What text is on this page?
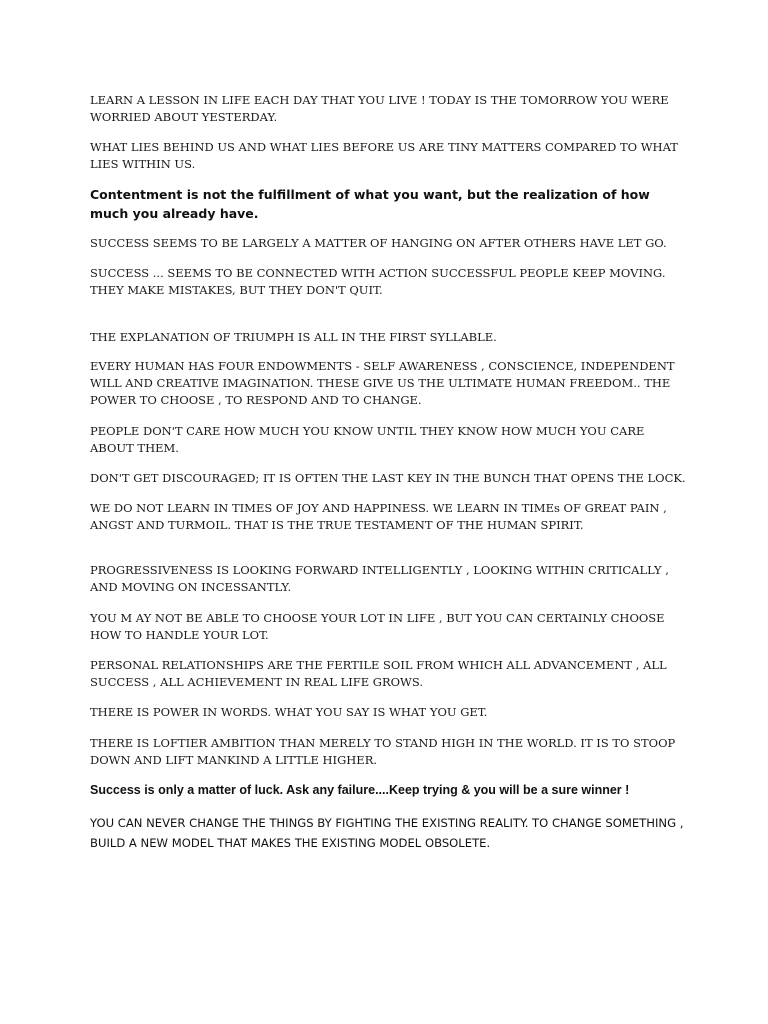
LEARN A LESSON IN LIFE EACH DAY THAT YOU LIVE ! TODAY IS THE TOMORROW YOU WERE WORRIED ABOUT YESTERDAY.

WHAT LIES BEHIND US AND WHAT LIES BEFORE US ARE TINY MATTERS COMPARED TO WHAT LIES WITHIN US.

Contentment is not the fulfillment of what you want, but the realization of how much you already have.

SUCCESS SEEMS TO BE LARGELY A MATTER OF HANGING ON AFTER OTHERS HAVE LET GO.

SUCCESS ... SEEMS TO BE CONNECTED WITH ACTION SUCCESSFUL PEOPLE KEEP MOVING. THEY MAKE MISTAKES, BUT THEY DON'T QUIT.

THE EXPLANATION OF TRIUMPH IS ALL IN THE FIRST SYLLABLE.

EVERY HUMAN HAS FOUR ENDOWMENTS - SELF AWARENESS , CONSCIENCE, INDEPENDENT WILL AND CREATIVE IMAGINATION. THESE GIVE US THE ULTIMATE HUMAN FREEDOM.. THE POWER TO CHOOSE , TO RESPOND AND TO CHANGE.

PEOPLE DON'T CARE HOW MUCH YOU KNOW UNTIL THEY KNOW HOW MUCH YOU CARE ABOUT THEM.

DON'T GET DISCOURAGED; IT IS OFTEN THE LAST KEY IN THE BUNCH THAT OPENS THE LOCK.

WE DO NOT LEARN IN TIMES OF JOY AND HAPPINESS. WE LEARN IN TIMEs OF GREAT PAIN , ANGST AND TURMOIL. THAT IS THE TRUE TESTAMENT OF THE HUMAN SPIRIT.

PROGRESSIVENESS IS LOOKING FORWARD INTELLIGENTLY , LOOKING WITHIN CRITICALLY , AND MOVING ON INCESSANTLY.

YOU M AY NOT BE ABLE TO CHOOSE YOUR LOT IN LIFE , BUT YOU CAN CERTAINLY CHOOSE HOW TO HANDLE YOUR LOT.

PERSONAL RELATIONSHIPS ARE THE FERTILE SOIL FROM WHICH ALL ADVANCEMENT , ALL SUCCESS , ALL ACHIEVEMENT IN REAL LIFE GROWS.

THERE IS POWER IN WORDS. WHAT YOU SAY IS WHAT YOU GET.

THERE IS LOFTIER AMBITION THAN MERELY TO STAND HIGH IN THE WORLD. IT IS TO STOOP DOWN AND LIFT MANKIND A LITTLE HIGHER.

Success is only a matter of luck. Ask any failure....Keep trying & you will be a sure winner !

YOU CAN NEVER CHANGE THE THINGS BY FIGHTING THE EXISTING REALITY. TO CHANGE SOMETHING , BUILD A NEW MODEL THAT MAKES THE EXISTING MODEL OBSOLETE.
